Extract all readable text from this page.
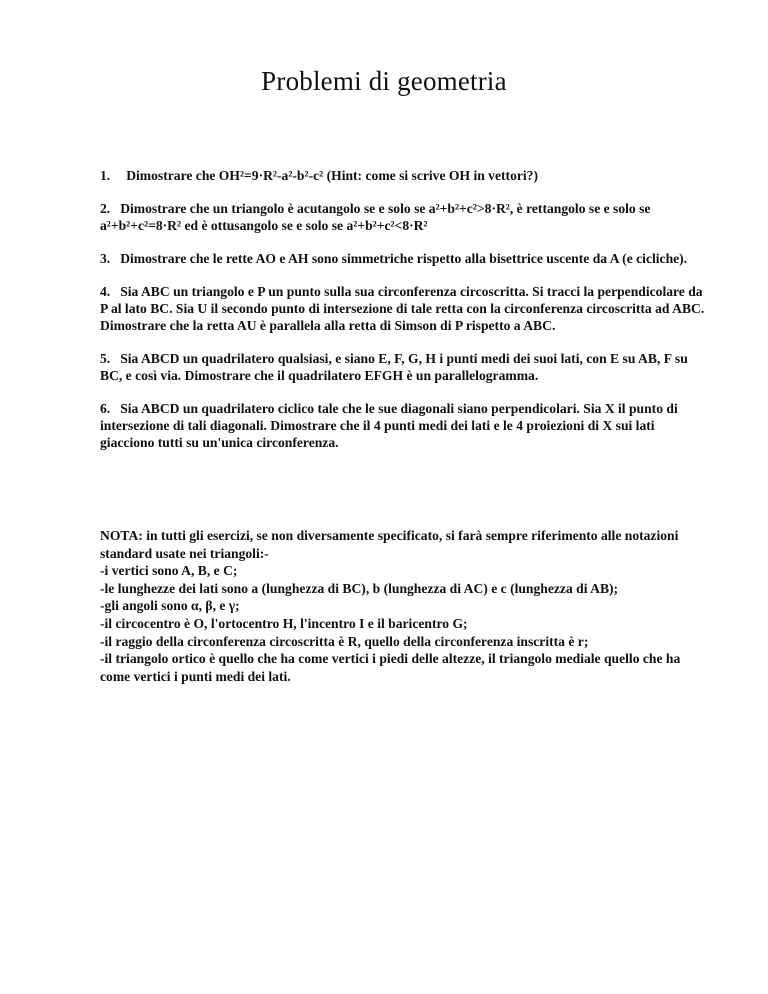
Problemi di geometria
1. Dimostrare che OH²=9·R²-a²-b²-c² (Hint: come si scrive OH in vettori?)
2. Dimostrare che un triangolo è acutangolo se e solo se a²+b²+c²>8·R², è rettangolo se e solo se a²+b²+c²=8·R² ed è ottusangolo se e solo se a²+b²+c²<8·R²
3. Dimostrare che le rette AO e AH sono simmetriche rispetto alla bisettrice uscente da A (e cicliche).
4. Sia ABC un triangolo e P un punto sulla sua circonferenza circoscritta. Si tracci la perpendicolare da P al lato BC. Sia U il secondo punto di intersezione di tale retta con la circonferenza circoscritta ad ABC. Dimostrare che la retta AU è parallela alla retta di Simson di P rispetto a ABC.
5. Sia ABCD un quadrilatero qualsiasi, e siano E, F, G, H i punti medi dei suoi lati, con E su AB, F su BC, e così via. Dimostrare che il quadrilatero EFGH è un parallelogramma.
6. Sia ABCD un quadrilatero ciclico tale che le sue diagonali siano perpendicolari. Sia X il punto di intersezione di tali diagonali. Dimostrare che il 4 punti medi dei lati e le 4 proiezioni di X sui lati giacciono tutti su un'unica circonferenza.
NOTA: in tutti gli esercizi, se non diversamente specificato, si farà sempre riferimento alle notazioni standard usate nei triangoli:-
-i vertici sono A, B, e C;
-le lunghezze dei lati sono a (lunghezza di BC), b (lunghezza di AC) e c (lunghezza di AB);
-gli angoli sono α, β, e γ;
-il circocentro è O, l'ortocentro H, l'incentro I e il baricentro G;
-il raggio della circonferenza circoscritta è R, quello della circonferenza inscritta è r;
-il triangolo ortico è quello che ha come vertici i piedi delle altezze, il triangolo mediale quello che ha come vertici i punti medi dei lati.
